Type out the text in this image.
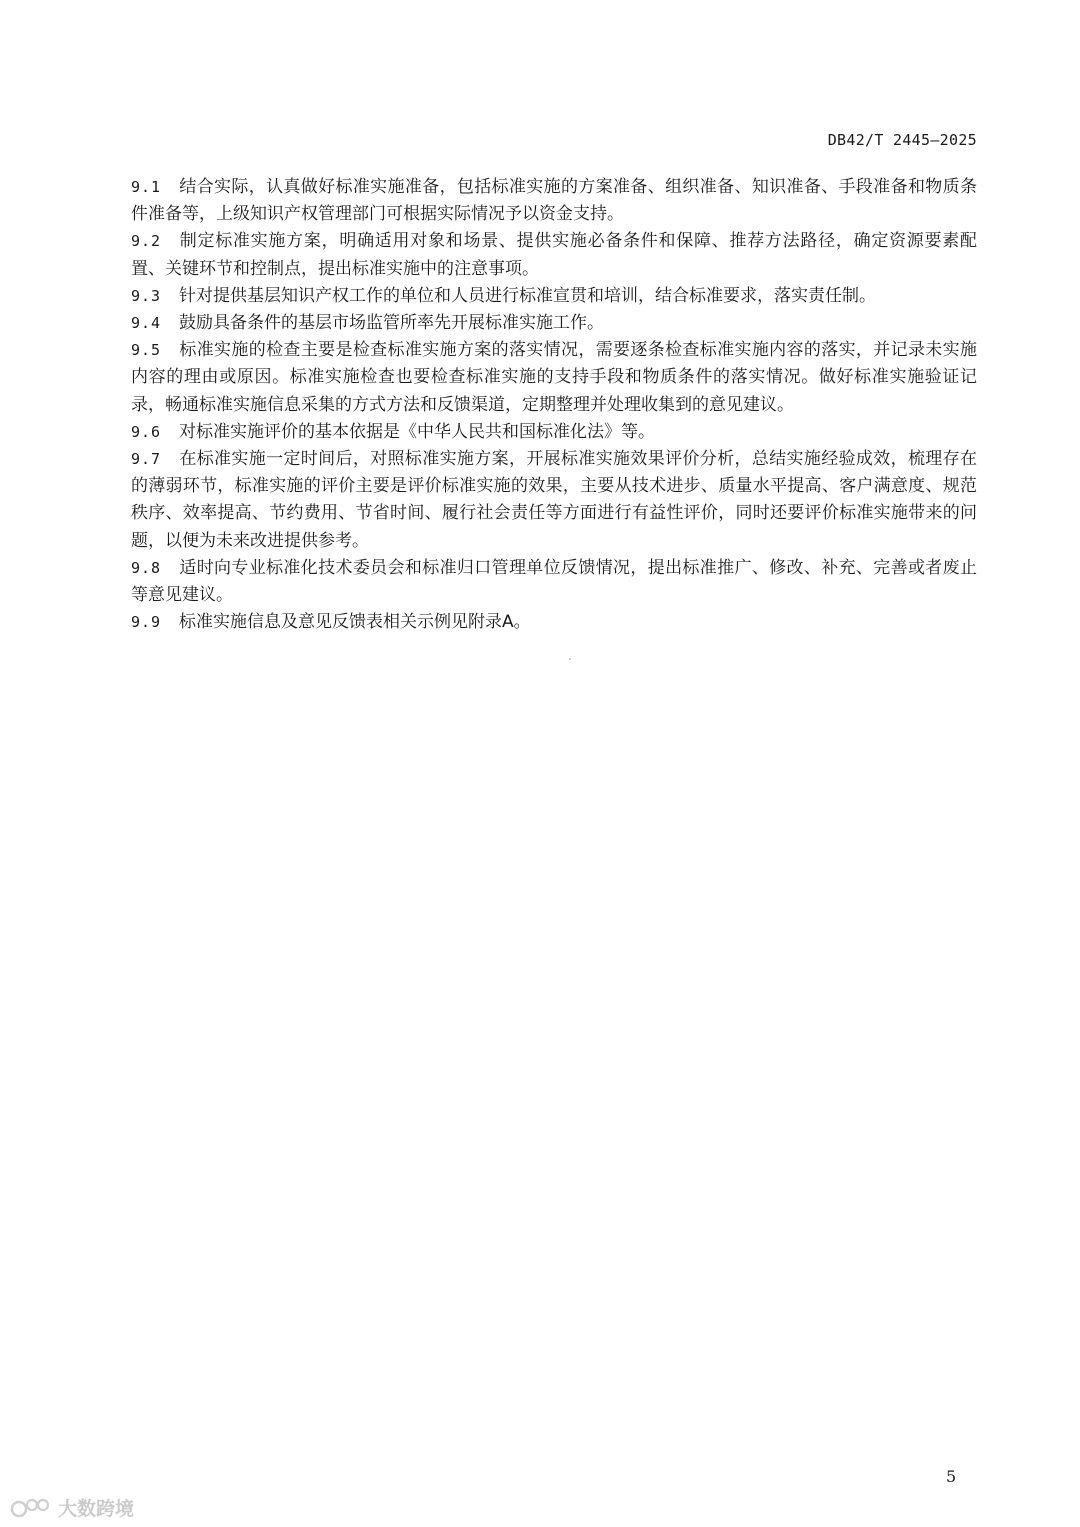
DB42/T 2445—2025

9.1 结合实际，认真做好标准实施准备，包括标准实施的方案准备、组织准备、知识准备、手段准备和物质条件准备等，上级知识产权管理部门可根据实际情况予以资金支持。

9.2 制定标准实施方案，明确适用对象和场景、提供实施必备条件和保障、推荐方法路径，确定资源要素配置、关键环节和控制点，提出标准实施中的注意事项。

9.3 针对提供基层知识产权工作的单位和人员进行标准宣贯和培训，结合标准要求，落实责任制。

9.4 鼓励具备条件的基层市场监管所率先开展标准实施工作。

9.5 标准实施的检查主要是检查标准实施方案的落实情况，需要逐条检查标准实施内容的落实，并记录未实施内容的理由或原因。标准实施检查也要检查标准实施的支持手段和物质条件的落实情况。做好标准实施验证记录，畅通标准实施信息采集的方式方法和反馈渠道，定期整理并处理收集到的意见建议。

9.6 对标准实施评价的基本依据是《中华人民共和国标准化法》等。

9.7 在标准实施一定时间后，对照标准实施方案，开展标准实施效果评价分析，总结实施经验成效，梳理存在的薄弱环节，标准实施的评价主要是评价标准实施的效果，主要从技术进步、质量水平提高、客户满意度、规范秩序、效率提高、节约费用、节省时间、履行社会责任等方面进行有益性评价，同时还要评价标准实施带来的问题，以便为未来改进提供参考。

9.8 适时向专业标准化技术委员会和标准归口管理单位反馈情况，提出标准推广、修改、补充、完善或者废止等意见建议。

9.9 标准实施信息及意见反馈表相关示例见附录A。

5
大数跨境
